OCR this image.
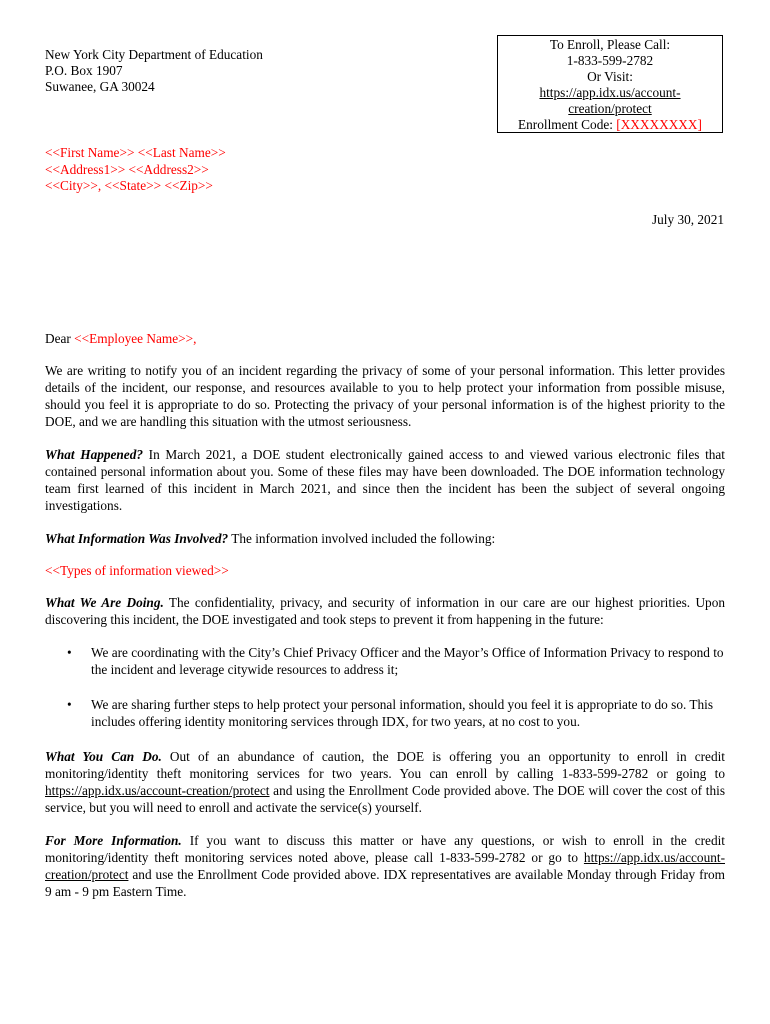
New York City Department of Education
P.O. Box 1907
Suwanee, GA 30024
To Enroll, Please Call:
1-833-599-2782
Or Visit:
https://app.idx.us/account-
creation/protect
Enrollment Code: [XXXXXXXX]
<<First Name>> <<Last Name>>
<<Address1>> <<Address2>>
<<City>>, <<State>> <<Zip>>
July 30, 2021
Dear <<Employee Name>>,

We are writing to notify you of an incident regarding the privacy of some of your personal information. This letter provides details of the incident, our response, and resources available to you to help protect your information from possible misuse, should you feel it is appropriate to do so. Protecting the privacy of your personal information is of the highest priority to the DOE, and we are handling this situation with the utmost seriousness.

What Happened? In March 2021, a DOE student electronically gained access to and viewed various electronic files that contained personal information about you. Some of these files may have been downloaded. The DOE information technology team first learned of this incident in March 2021, and since then the incident has been the subject of several ongoing investigations.

What Information Was Involved? The information involved included the following:

<<Types of information viewed>>

What We Are Doing. The confidentiality, privacy, and security of information in our care are our highest priorities. Upon discovering this incident, the DOE investigated and took steps to prevent it from happening in the future:

• We are coordinating with the City’s Chief Privacy Officer and the Mayor’s Office of Information Privacy to respond to the incident and leverage citywide resources to address it;
• We are sharing further steps to help protect your personal information, should you feel it is appropriate to do so. This includes offering identity monitoring services through IDX, for two years, at no cost to you.

What You Can Do. Out of an abundance of caution, the DOE is offering you an opportunity to enroll in credit monitoring/identity theft monitoring services for two years. You can enroll by calling 1-833-599-2782 or going to https://app.idx.us/account-creation/protect and using the Enrollment Code provided above. The DOE will cover the cost of this service, but you will need to enroll and activate the service(s) yourself.

For More Information. If you want to discuss this matter or have any questions, or wish to enroll in the credit monitoring/identity theft monitoring services noted above, please call 1-833-599-2782 or go to https://app.idx.us/account-creation/protect and use the Enrollment Code provided above. IDX representatives are available Monday through Friday from 9 am - 9 pm Eastern Time.
